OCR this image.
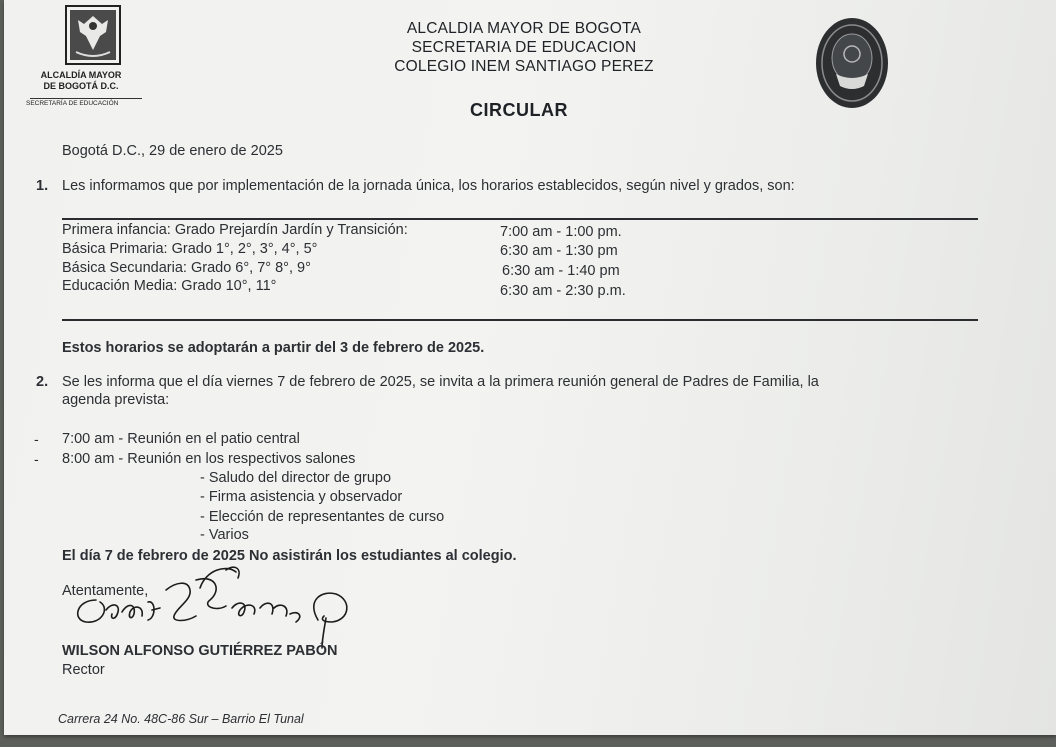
ALCALDÍA MAYOR
DE BOGOTÁ D.C.
SECRETARÍA DE EDUCACIÓN
ALCALDIA MAYOR DE BOGOTA
SECRETARIA DE EDUCACION
COLEGIO INEM SANTIAGO PEREZ
CIRCULAR
Bogotá D.C., 29 de enero de 2025
1. Les informamos que por implementación de la jornada única, los horarios establecidos, según nivel y grados, son:
Primera infancia: Grado Prejardín Jardín y Transición:	7:00 am - 1:00 pm.
Básica Primaria: Grado 1°, 2°, 3°, 4°, 5°	6:30 am - 1:30 pm
Básica Secundaria: Grado 6°, 7° 8°, 9°	6:30 am - 1:40 pm
Educación Media: Grado 10°, 11°	6:30 am - 2:30 p.m.
Estos horarios se adoptarán a partir del 3 de febrero de 2025.
2. Se les informa que el día viernes 7 de febrero de 2025, se invita a la primera reunión general de Padres de Familia, la
agenda prevista:
- 7:00 am - Reunión en el patio central
- 8:00 am - Reunión en los respectivos salones
- Saludo del director de grupo
- Firma asistencia y observador
- Elección de representantes de curso
- Varios
El día 7 de febrero de 2025 No asistirán los estudiantes al colegio.
Atentamente,
WILSON ALFONSO GUTIÉRREZ PABÓN
Rector
Carrera 24 No. 48C-86 Sur – Barrio El Tunal
